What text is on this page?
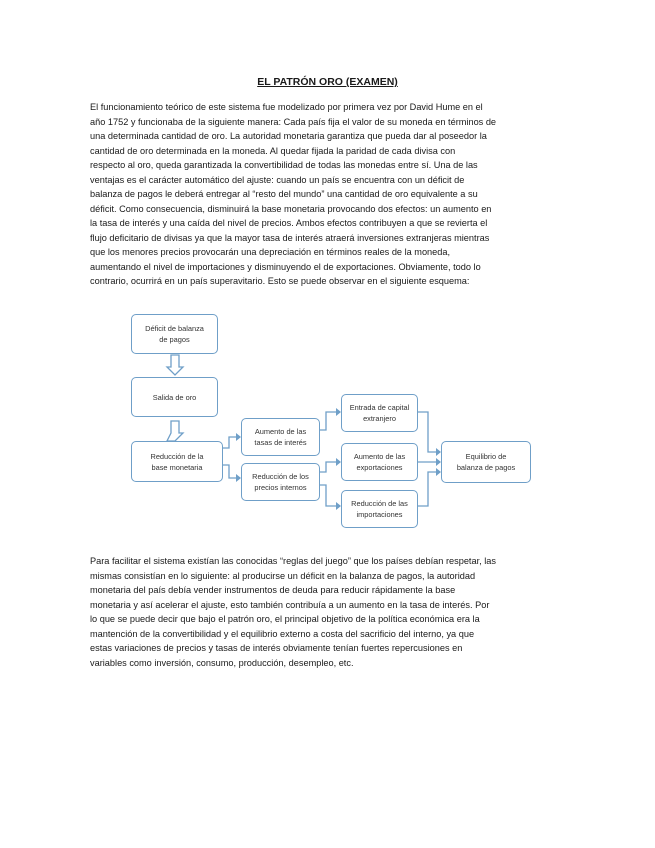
EL PATRÓN ORO (EXAMEN)
El funcionamiento teórico de este sistema fue modelizado por primera vez por David Hume en el
año 1752 y funcionaba de la siguiente manera: Cada país fija el valor de su moneda en términos de
una determinada cantidad de oro. La autoridad monetaria garantiza que pueda dar al poseedor la
cantidad de oro determinada en la moneda. Al quedar fijada la paridad de cada divisa con
respecto al oro, queda garantizada la convertibilidad de todas las monedas entre sí. Una de las
ventajas es el carácter automático del ajuste: cuando un país se encuentra con un déficit de
balanza de pagos le deberá entregar al “resto del mundo” una cantidad de oro equivalente a su
déficit. Como consecuencia, disminuirá la base monetaria provocando dos efectos: un aumento en
la tasa de interés y una caída del nivel de precios. Ambos efectos contribuyen a que se revierta el
flujo deficitario de divisas ya que la mayor tasa de interés atraerá inversiones extranjeras mientras
que los menores precios provocarán una depreciación en términos reales de la moneda,
aumentando el nivel de importaciones y disminuyendo el de exportaciones. Obviamente, todo lo
contrario, ocurrirá en un país superavitario. Esto se puede observar en el siguiente esquema:
Déficit de balanza
de pagos
Salida de oro
Reducción de la
base monetaria
Aumento de las
tasas de interés
Reducción de los
precios internos
Entrada de capital
extranjero
Aumento de las
exportaciones
Reducción de las
importaciones
Equilibrio de
balanza de pagos
Para facilitar el sistema existían las conocidas “reglas del juego” que los países debían respetar, las
mismas consistían en lo siguiente: al producirse un déficit en la balanza de pagos, la autoridad
monetaria del país debía vender instrumentos de deuda para reducir rápidamente la base
monetaria y así acelerar el ajuste, esto también contribuía a un aumento en la tasa de interés. Por
lo que se puede decir que bajo el patrón oro, el principal objetivo de la política económica era la
mantención de la convertibilidad y el equilibrio externo a costa del sacrificio del interno, ya que
estas variaciones de precios y tasas de interés obviamente tenían fuertes repercusiones en
variables como inversión, consumo, producción, desempleo, etc.
